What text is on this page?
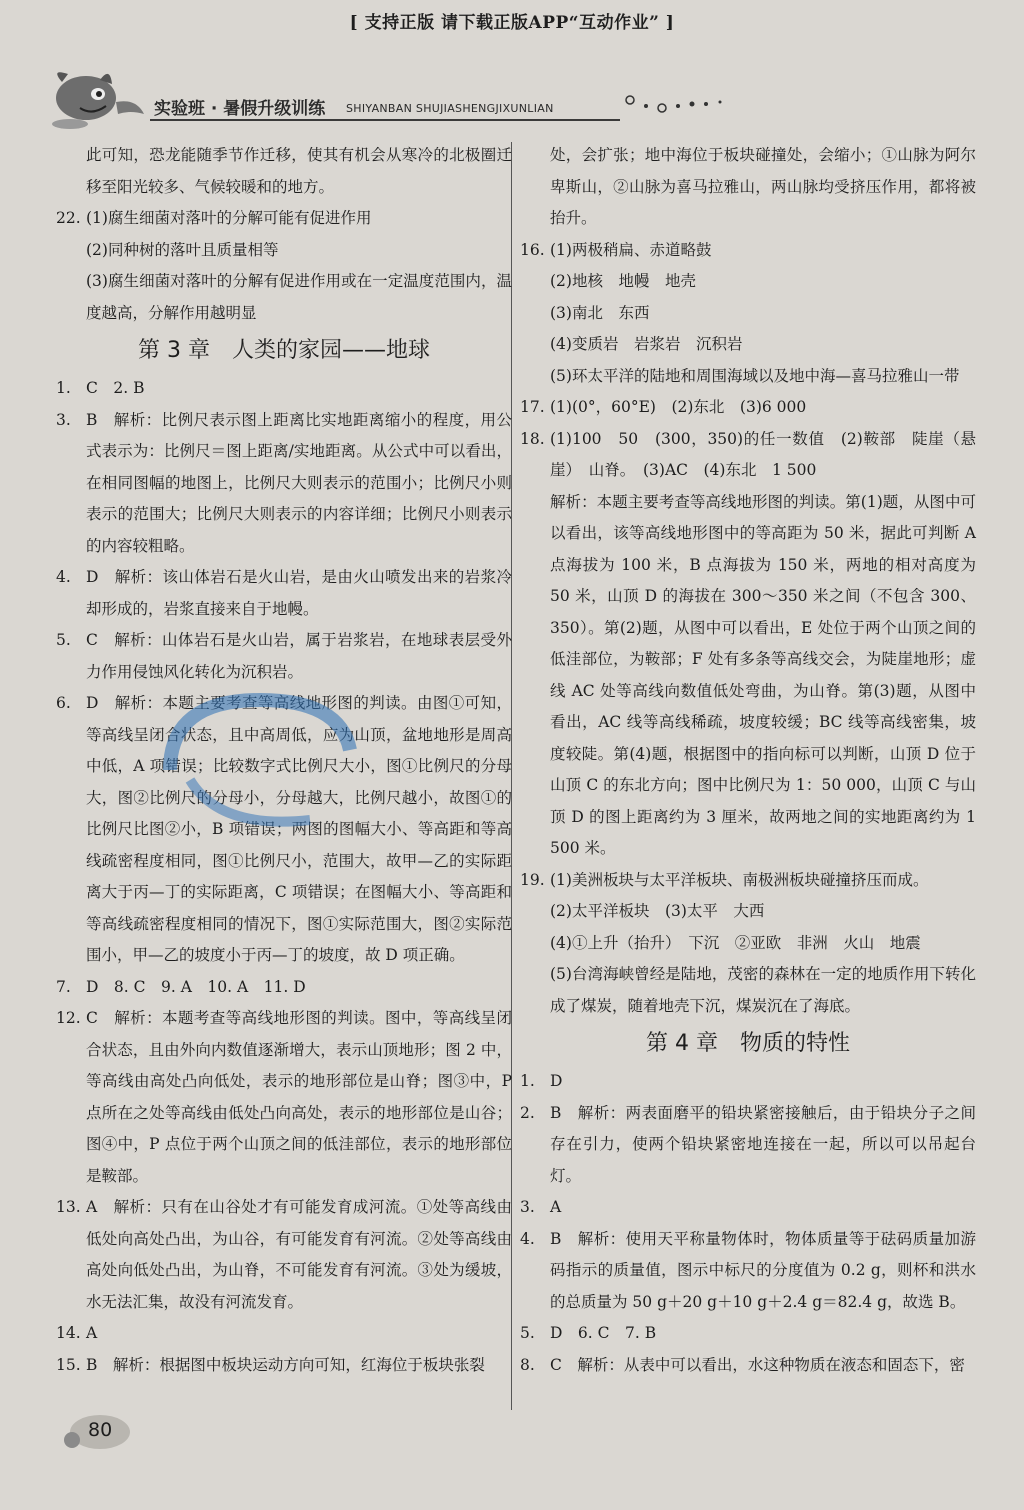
[ 支持正版 请下载正版APP“互动作业” ]
实验班 · 暑假升级训练 SHIYANBAN SHUJIASHENGJIXUNLIAN
此可知，恐龙能随季节作迁移，使其有机会从寒冷的北极圈迁移至阳光较多、气候较暖和的地方。
22. (1)腐生细菌对落叶的分解可能有促进作用
(2)同种树的落叶且质量相等
(3)腐生细菌对落叶的分解有促进作用或在一定温度范围内，温度越高，分解作用越明显
第 3 章　人类的家园——地球
1. C　2. B
3. B　解析：比例尺表示图上距离比实地距离缩小的程度，用公式表示为：比例尺＝图上距离/实地距离。从公式中可以看出，在相同图幅的地图上，比例尺大则表示的范围小；比例尺小则表示的范围大；比例尺大则表示的内容详细；比例尺小则表示的内容较粗略。
4. D　解析：该山体岩石是火山岩，是由火山喷发出来的岩浆冷却形成的，岩浆直接来自于地幔。
5. C　解析：山体岩石是火山岩，属于岩浆岩，在地球表层受外力作用侵蚀风化转化为沉积岩。
6. D　解析：本题主要考查等高线地形图的判读。由图①可知，等高线呈闭合状态，且中高周低，应为山顶，盆地地形是周高中低，A 项错误；比较数字式比例尺大小，图①比例尺的分母大，图②比例尺的分母小，分母越大，比例尺越小，故图①的比例尺比图②小，B 项错误；两图的图幅大小、等高距和等高线疏密程度相同，图①比例尺小，范围大，故甲—乙的实际距离大于丙—丁的实际距离，C 项错误；在图幅大小、等高距和等高线疏密程度相同的情况下，图①实际范围大，图②实际范围小，甲—乙的坡度小于丙—丁的坡度，故 D 项正确。
7. D　8. C　9. A　10. A　11. D
12. C　解析：本题考查等高线地形图的判读。图中，等高线呈闭合状态，且由外向内数值逐渐增大，表示山顶地形；图 2 中，等高线由高处凸向低处，表示的地形部位是山脊；图③中，P 点所在之处等高线由低处凸向高处，表示的地形部位是山谷；图④中，P 点位于两个山顶之间的低洼部位，表示的地形部位是鞍部。
13. A　解析：只有在山谷处才有可能发育成河流。①处等高线由低处向高处凸出，为山谷，有可能发育有河流。②处等高线由高处向低处凸出，为山脊，不可能发育有河流。③处为缓坡，水无法汇集，故没有河流发育。
14. A
15. B　解析：根据图中板块运动方向可知，红海位于板块张裂
处，会扩张；地中海位于板块碰撞处，会缩小；①山脉为阿尔卑斯山，②山脉为喜马拉雅山，两山脉均受挤压作用，都将被抬升。
16. (1)两极稍扁、赤道略鼓
(2)地核　地幔　地壳
(3)南北　东西
(4)变质岩　岩浆岩　沉积岩
(5)环太平洋的陆地和周围海域以及地中海—喜马拉雅山一带
17. (1)(0°，60°E)　(2)东北　(3)6 000
18. (1)100　50　(300，350)的任一数值　(2)鞍部　陡崖（悬崖）　山脊。　(3)AC　(4)东北　1 500
解析：本题主要考查等高线地形图的判读。第(1)题，从图中可以看出，该等高线地形图中的等高距为 50 米，据此可判断 A 点海拔为 100 米，B 点海拔为 150 米，两地的相对高度为 50 米，山顶 D 的海拔在 300～350 米之间（不包含 300、350）。第(2)题，从图中可以看出，E 处位于两个山顶之间的低洼部位，为鞍部；F 处有多条等高线交会，为陡崖地形；虚线 AC 处等高线向数值低处弯曲，为山脊。第(3)题，从图中看出，AC 线等高线稀疏，坡度较缓；BC 线等高线密集，坡度较陡。第(4)题，根据图中的指向标可以判断，山顶 D 位于山顶 C 的东北方向；图中比例尺为 1：50 000，山顶 C 与山顶 D 的图上距离约为 3 厘米，故两地之间的实地距离约为 1 500 米。
19. (1)美洲板块与太平洋板块、南极洲板块碰撞挤压而成。
(2)太平洋板块　(3)太平　大西
(4)①上升（抬升）　下沉　②亚欧　非洲　火山　地震
(5)台湾海峡曾经是陆地，茂密的森林在一定的地质作用下转化成了煤炭，随着地壳下沉，煤炭沉在了海底。
第 4 章　物质的特性
1. D
2. B　解析：两表面磨平的铅块紧密接触后，由于铅块分子之间存在引力，使两个铅块紧密地连接在一起，所以可以吊起台灯。
3. A
4. B　解析：使用天平称量物体时，物体质量等于砝码质量加游码指示的质量值，图示中标尺的分度值为 0.2 g，则杯和洪水的总质量为 50 g＋20 g＋10 g＋2.4 g＝82.4 g，故选 B。
5. D　6. C　7. B
8. C　解析：从表中可以看出，水这种物质在液态和固态下，密
80
